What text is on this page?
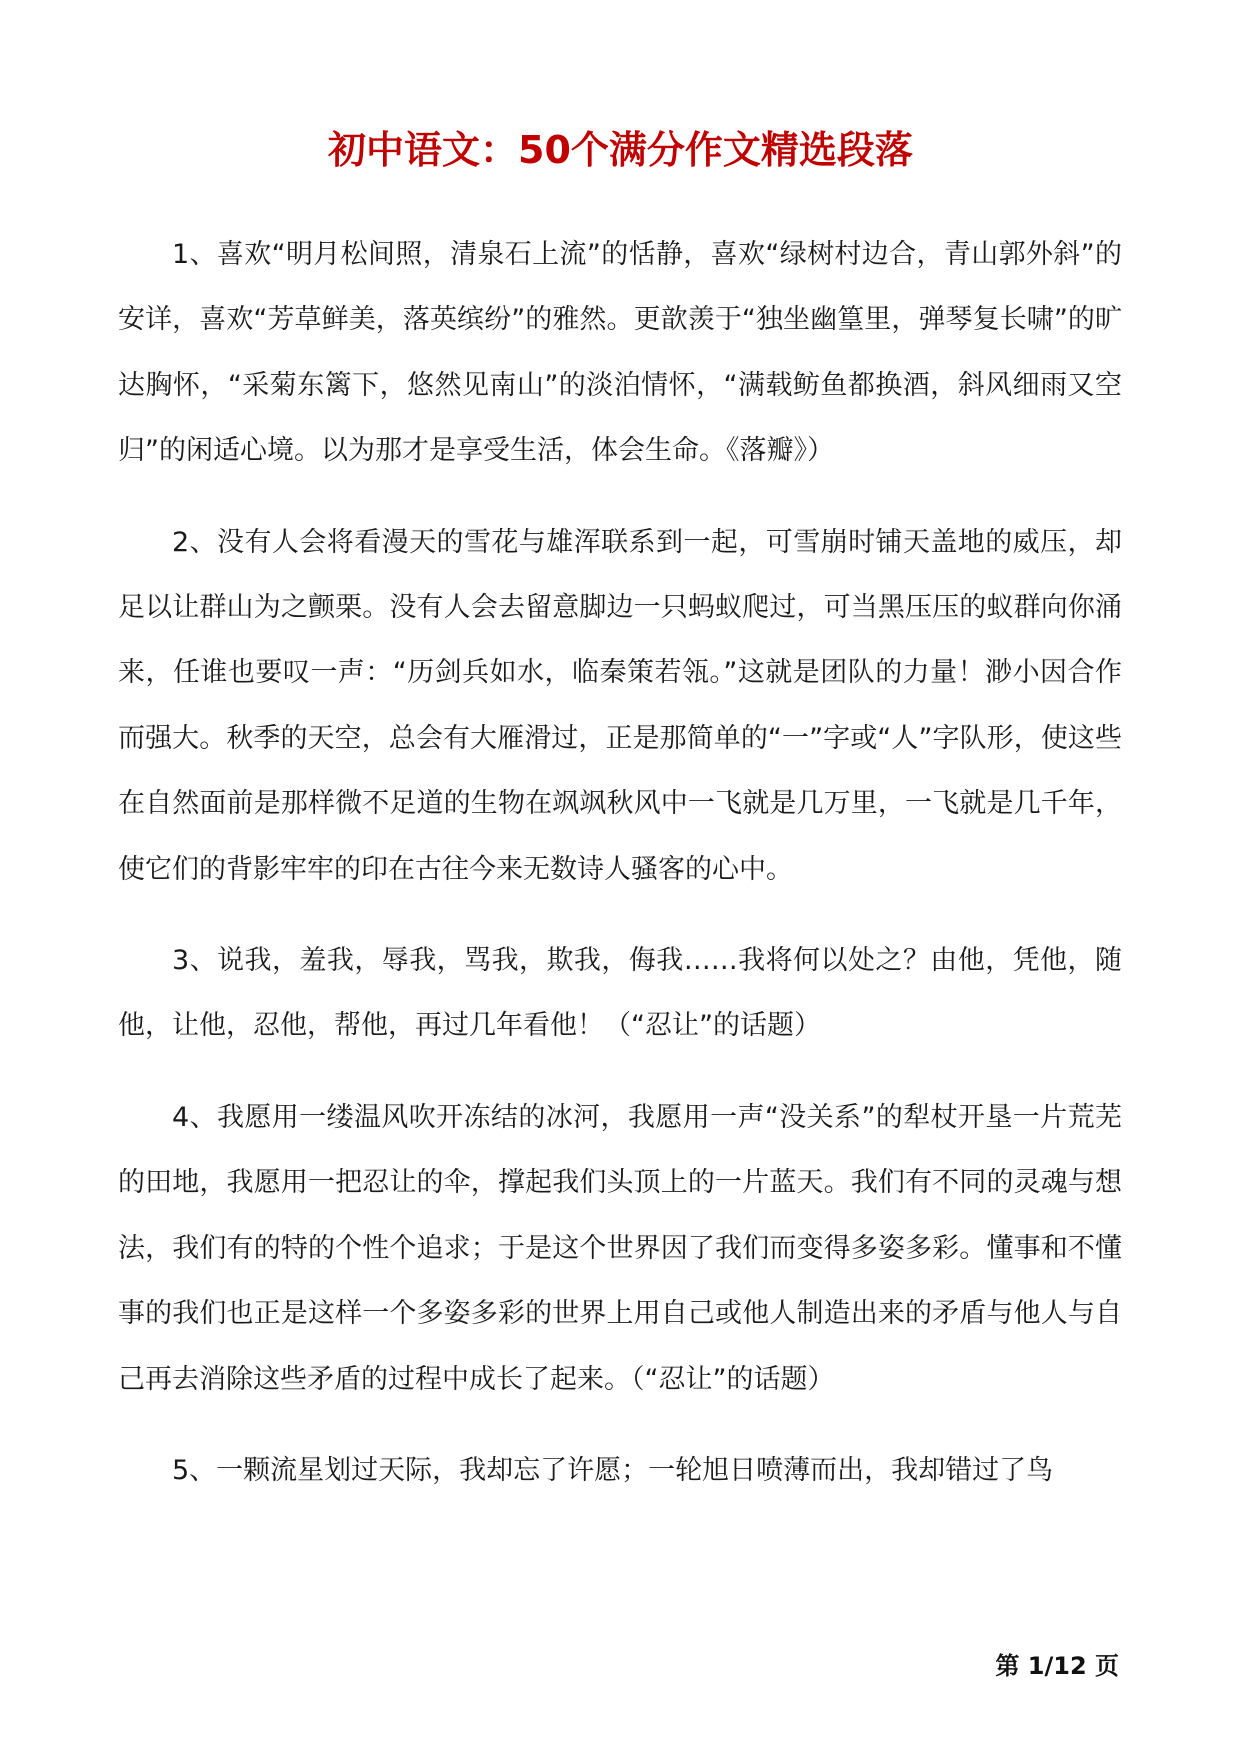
初中语文：50个满分作文精选段落

1、喜欢“明月松间照，清泉石上流”的恬静，喜欢“绿树村边合，青山郭外斜”的安详，喜欢“芳草鲜美，落英缤纷”的雅然。更歆羡于“独坐幽篁里，弹琴复长啸”的旷达胸怀，“采菊东篱下，悠然见南山”的淡泊情怀，“满载鲂鱼都换酒，斜风细雨又空归”的闲适心境。以为那才是享受生活，体会生命。《落瓣》）

2、没有人会将看漫天的雪花与雄浑联系到一起，可雪崩时铺天盖地的威压，却足以让群山为之颤栗。没有人会去留意脚边一只蚂蚁爬过，可当黑压压的蚁群向你涌来，任谁也要叹一声：“历剑兵如水，临秦策若瓴。”这就是团队的力量！渺小因合作而强大。秋季的天空，总会有大雁滑过，正是那简单的“一”字或“人”字队形，使这些在自然面前是那样微不足道的生物在飒飒秋风中一飞就是几万里，一飞就是几千年，使它们的背影牢牢的印在古往今来无数诗人骚客的心中。

3、说我，羞我，辱我，骂我，欺我，侮我……我将何以处之？由他，凭他，随他，让他，忍他，帮他，再过几年看他！（“忍让”的话题）

4、我愿用一缕温风吹开冻结的冰河，我愿用一声“没关系”的犁杖开垦一片荒芜的田地，我愿用一把忍让的伞，撑起我们头顶上的一片蓝天。我们有不同的灵魂与想法，我们有的特的个性个追求；于是这个世界因了我们而变得多姿多彩。懂事和不懂事的我们也正是这样一个多姿多彩的世界上用自己或他人制造出来的矛盾与他人与自己再去消除这些矛盾的过程中成长了起来。（“忍让”的话题）

5、一颗流星划过天际，我却忘了许愿；一轮旭日喷薄而出，我却错过了鸟

第 1/12 页
